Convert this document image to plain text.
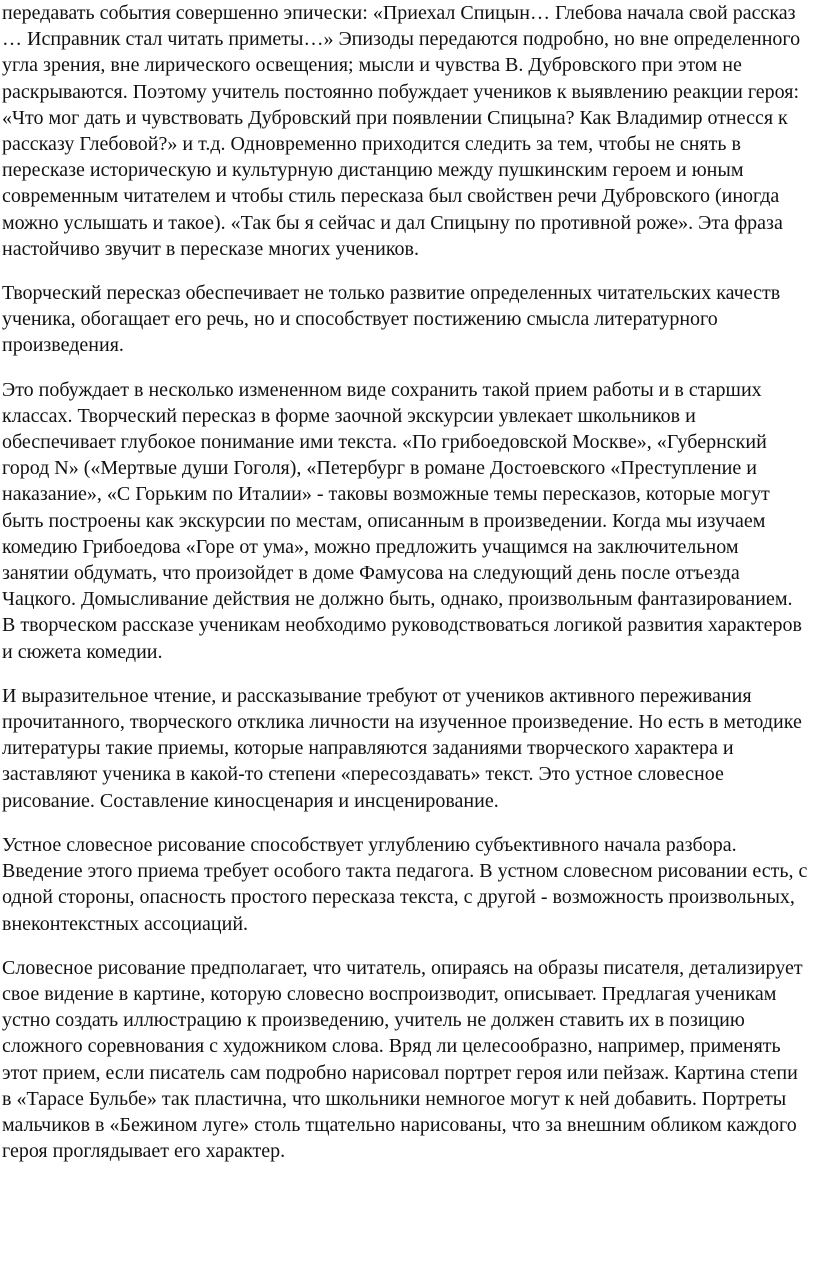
передавать события совершенно эпически: «Приехал Спицын… Глебова начала свой рассказ … Исправник стал читать приметы…» Эпизоды передаются подробно, но вне определенного угла зрения, вне лирического освещения; мысли и чувства В. Дубровского при этом не раскрываются. Поэтому учитель постоянно побуждает учеников к выявлению реакции героя: «Что мог дать и чувствовать Дубровский при появлении Спицына? Как Владимир отнесся к рассказу Глебовой?» и т.д. Одновременно приходится следить за тем, чтобы не снять в пересказе историческую и культурную дистанцию между пушкинским героем и юным современным читателем и чтобы стиль пересказа был свойствен речи Дубровского (иногда можно услышать и такое). «Так бы я сейчас и дал Спицыну по противной роже». Эта фраза настойчиво звучит в пересказе многих учеников.

Творческий пересказ обеспечивает не только развитие определенных читательских качеств ученика, обогащает его речь, но и способствует постижению смысла литературного произведения.

Это побуждает в несколько измененном виде сохранить такой прием работы и в старших классах. Творческий пересказ в форме заочной экскурсии увлекает школьников и обеспечивает глубокое понимание ими текста. «По грибоедовской Москве», «Губернский город N» («Мертвые души Гоголя), «Петербург в романе Достоевского «Преступление и наказание», «С Горьким по Италии» - таковы возможные темы пересказов, которые могут быть построены как экскурсии по местам, описанным в произведении. Когда мы изучаем комедию Грибоедова «Горе от ума», можно предложить учащимся на заключительном занятии обдумать, что произойдет в доме Фамусова на следующий день после отъезда Чацкого. Домысливание действия не должно быть, однако, произвольным фантазированием. В творческом рассказе ученикам необходимо руководствоваться логикой развития характеров и сюжета комедии.

И выразительное чтение, и рассказывание требуют от учеников активного переживания прочитанного, творческого отклика личности на изученное произведение. Но есть в методике литературы такие приемы, которые направляются заданиями творческого характера и заставляют ученика в какой-то степени «пересоздавать» текст. Это устное словесное рисование. Составление киносценария и инсценирование.

Устное словесное рисование способствует углублению субъективного начала разбора. Введение этого приема требует особого такта педагога. В устном словесном рисовании есть, с одной стороны, опасность простого пересказа текста, с другой - возможность произвольных, внеконтекстных ассоциаций.

Словесное рисование предполагает, что читатель, опираясь на образы писателя, детализирует свое видение в картине, которую словесно воспроизводит, описывает. Предлагая ученикам устно создать иллюстрацию к произведению, учитель не должен ставить их в позицию сложного соревнования с художником слова. Вряд ли целесообразно, например, применять этот прием, если писатель сам подробно нарисовал портрет героя или пейзаж. Картина степи в «Тарасе Бульбе» так пластична, что школьники немногое могут к ней добавить. Портреты мальчиков в «Бежином луге» столь тщательно нарисованы, что за внешним обликом каждого героя проглядывает его характер.
